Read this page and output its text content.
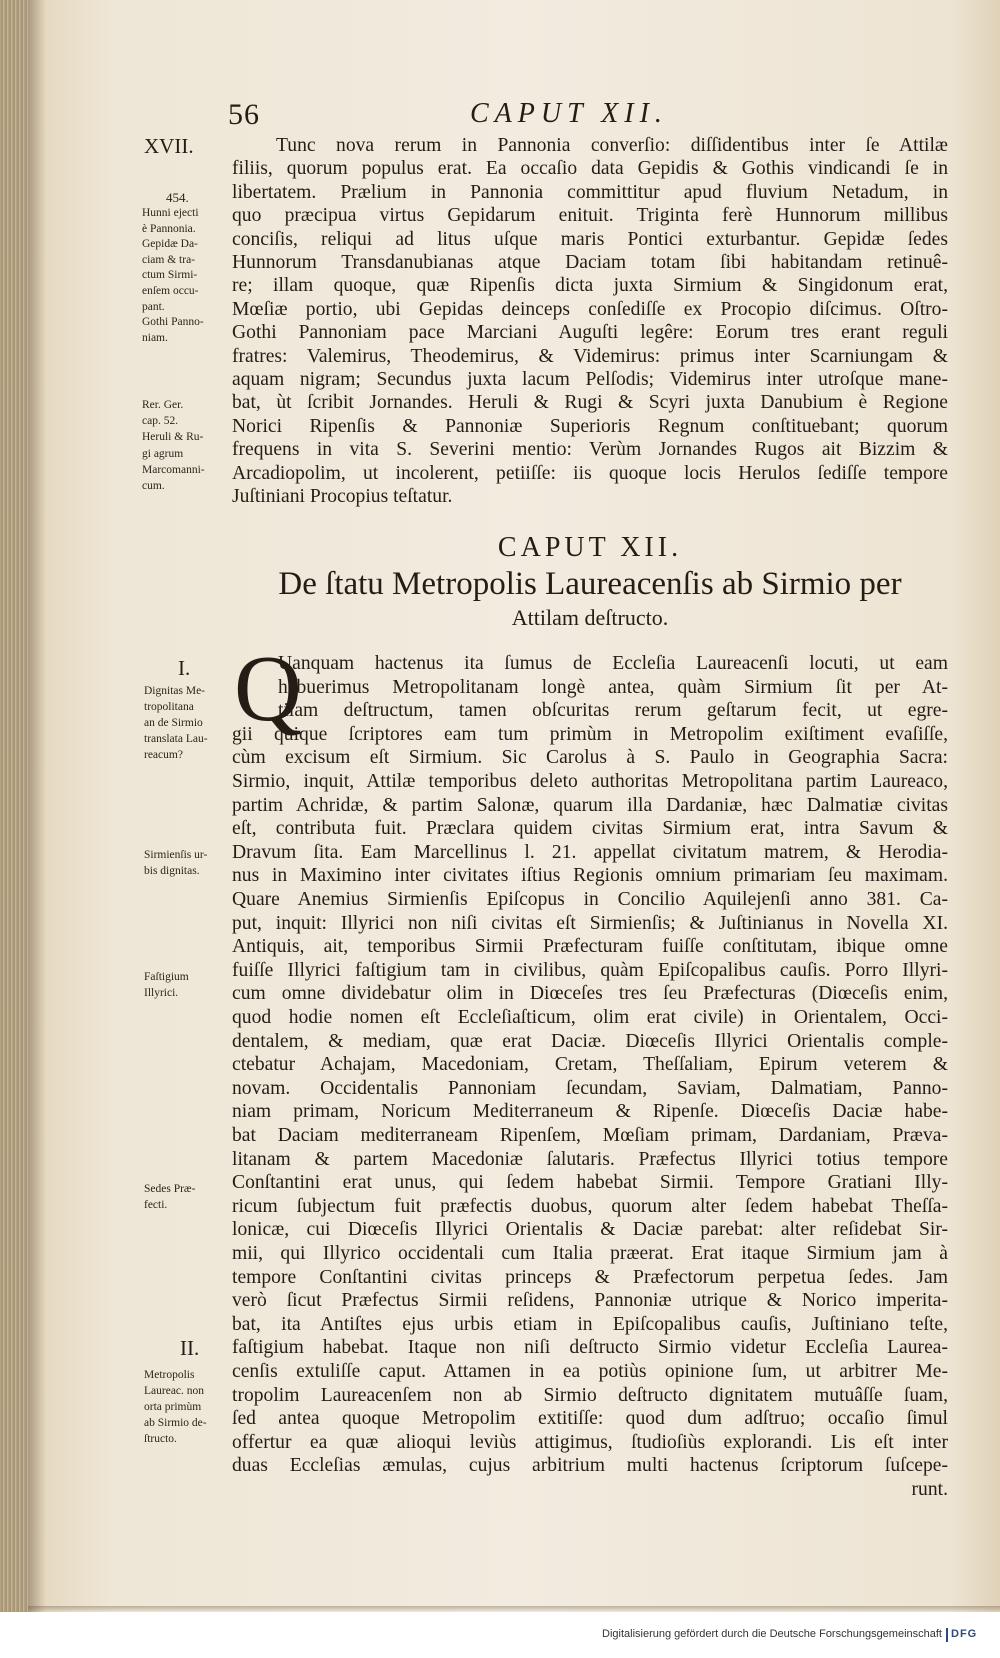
56	CAPUT XII.
XVII.	Tunc nova rerum in Pannonia converſio: diſſidentibus inter ſe Attilæ
filiis, quorum populus erat. Ea occaſio data Gepidis & Gothis vindicandi ſe in
libertatem. Prælium in Pannonia committitur apud fluvium Netadum, in
quo præcipua virtus Gepidarum enituit. Triginta ferè Hunnorum millibus
conciſis, reliqui ad litus uſque maris Pontici exturbantur. Gepidæ ſedes
Hunnorum Transdanubianas atque Daciam totam ſibi habitandam retinuê-
re; illam quoque, quæ Ripenſis dicta juxta Sirmium & Singidonum erat,
Mœſiæ portio, ubi Gepidas deinceps conſediſſe ex Procopio diſcimus. Oſtro-
Gothi Pannoniam pace Marciani Auguſti legêre: Eorum tres erant reguli
fratres: Valemirus, Theodemirus, & Videmirus: primus inter Scarniungam &
aquam nigram; Secundus juxta lacum Pelſodis; Videmirus inter utroſque mane-
bat, ùt ſcribit Jornandes. Heruli & Rugi & Scyri juxta Danubium è Regione
Norici Ripenſis & Pannoniæ Superioris Regnum conſtituebant; quorum
frequens in vita S. Severini mentio: Verùm Jornandes Rugos ait Bizzim &
Arcadiopolim, ut incolerent, petiiſſe: iis quoque locis Herulos ſediſſe tempore
Juſtiniani Procopius teſtatur.
454.
Hunni ejecti
è Pannonia.
Gepidæ Da-
ciam & tra-
ctum Sirmi-
enſem occu-
pant.
Gothi Panno-
niam.
Rer. Ger.
cap. 52.
Heruli & Ru-
gi agrum
Marcomanni-
cum.
CAPUT XII.
De ſtatu Metropolis Laureacenſis ab Sirmio per
Attilam deſtructo.
I. Q
Uanquam hactenus ita ſumus de Eccleſia Laureacenſi locuti, ut eam
habuerimus Metropolitanam longè antea, quàm Sirmium ſit per At-
tilam deſtructum, tamen obſcuritas rerum geſtarum fecit, ut egre-
gii quique ſcriptores eam tum primùm in Metropolim exiſtiment evaſiſſe,
cùm excisum eſt Sirmium. Sic Carolus à S. Paulo in Geographia Sacra:
Sirmio, inquit, Attilæ temporibus deleto authoritas Metropolitana partim Laureaco,
partim Achridæ, & partim Salonæ, quarum illa Dardaniæ, hæc Dalmatiæ civitas
eſt, contributa fuit. Præclara quidem civitas Sirmium erat, intra Savum &
Dravum ſita. Eam Marcellinus l. 21. appellat civitatum matrem, & Herodia-
nus in Maximino inter civitates iſtius Regionis omnium primariam ſeu maximam.
Quare Anemius Sirmienſis Epiſcopus in Concilio Aquilejenſi anno 381. Ca-
put, inquit: Illyrici non niſi civitas eſt Sirmienſis; & Juſtinianus in Novella XI.
Antiquis, ait, temporibus Sirmii Præfecturam fuiſſe conſtitutam, ibique omne
fuiſſe Illyrici faſtigium tam in civilibus, quàm Epiſcopalibus cauſis. Porro Illyri-
cum omne dividebatur olim in Diœceſes tres ſeu Præfecturas (Diœceſis enim,
quod hodie nomen eſt Eccleſiaſticum, olim erat civile) in Orientalem, Occi-
dentalem, & mediam, quæ erat Daciæ. Diœceſis Illyrici Orientalis comple-
ctebatur Achajam, Macedoniam, Cretam, Theſſaliam, Epirum veterem &
novam. Occidentalis Pannoniam ſecundam, Saviam, Dalmatiam, Panno-
niam primam, Noricum Mediterraneum & Ripenſe. Diœceſis Daciæ habe-
bat Daciam mediterraneam Ripenſem, Mœſiam primam, Dardaniam, Præva-
litanam & partem Macedoniæ ſalutaris. Præfectus Illyrici totius tempore
Conſtantini erat unus, qui ſedem habebat Sirmii. Tempore Gratiani Illy-
ricum ſubjectum fuit præfectis duobus, quorum alter ſedem habebat Theſſa-
lonicæ, cui Diœceſis Illyrici Orientalis & Daciæ parebat: alter reſidebat Sir-
mii, qui Illyrico occidentali cum Italia præerat. Erat itaque Sirmium jam à
tempore Conſtantini civitas princeps & Præfectorum perpetua ſedes. Jam
verò ſicut Præfectus Sirmii reſidens, Pannoniæ utrique & Norico imperita-
bat, ita Antiſtes ejus urbis etiam in Epiſcopalibus cauſis, Juſtiniano teſte,
faſtigium habebat. Itaque non niſi deſtructo Sirmio videtur Eccleſia Laurea-
cenſis extuliſſe caput. Attamen in ea potiùs opinione ſum, ut arbitrer Me-
tropolim Laureacenſem non ab Sirmio deſtructo dignitatem mutuâſſe ſuam,
ſed antea quoque Metropolim extitiſſe: quod dum adſtruo; occaſio ſimul
offertur ea quæ alioqui leviùs attigimus, ſtudioſiùs explorandi. Lis eſt inter
duas Eccleſias æmulas, cujus arbitrium multi hactenus ſcriptorum ſuſcepe-
runt.
Dignitas Me-
tropolitana
an de Sirmio
translata Lau-
reacum?
Sirmienſis ur-
bis dignitas.
Faſtigium
Illyrici.
Sedes Præ-
fecti.
II.
Metropolis
Laureac. non
orta primùm
ab Sirmio de-
ſtructo.
Digitalisierung gefördert durch die Deutsche Forschungsgemeinschaft DFG
